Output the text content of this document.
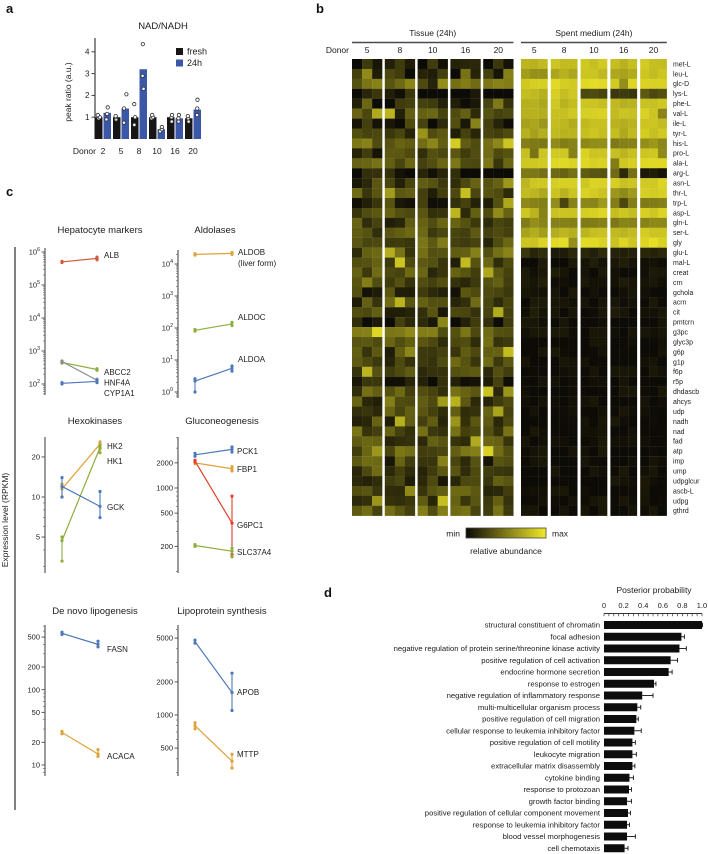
a	b
c
d
NAD/NADH
1
2
3
4
peak ratio (a.u.)
fresh
24h
2 5 8 10 16 20
Donor
Tissue (24h)	Spent medium (24h)
Donor 5	5
8	8
10	10
16	16
20	20
met-L
leu-L
glc-D
lys-L
phe-L
val-L
ile-L
tyr-L
his-L
pro-L
ala-L
arg-L
asn-L
thr-L
trp-L
asp-L
gln-L
ser-L
gly
glu-L
mal-L
creat
crn
gchola
acrn
cit
pmtcrn
g3pc
glyc3p
g6p
g1p
f6p
r5p
dhdascb
ahcys
udp
nadh
nad
fad
atp
imp
ump
udpglcur
ascb-L
udpg
gthrd
min	max
relative abundance
Expression level (RPKM)
Hepatocyte markers
$10^6$
$10^5$
$10^4$
$10^3$
$10^2$
ALB
ABCC2
HNF4A
CYP1A1
Aldolases
$10^4$
$10^3$
$10^2$
$10^1$
$10^0$
ALDOB
(liver form)
ALDOC
ALDOA
Hexokinases
20
10
5
HK2
HK1
GCK
Gluconeogenesis
2000
1000
500
200
PCK1
FBP1
G6PC1
SLC37A4
De novo lipogenesis
500
200
100
50
20
10
FASN
ACACA
Lipoprotein synthesis
5000
2000
1000
500
APOB
MTTP
Posterior probability
0 0.2 0.4 0.6 0.8 1.0
structural constituent of chromatin
focal adhesion
negative regulation of protein serine/threonine kinase activity
positive regulation of cell activation
endocrine hormone secretion
response to estrogen
negative regulation of inflammatory response
multi-multicellular organism process
positive regulation of cell migration
cellular response to leukemia inhibitory factor
positive regulation of cell motility
leukocyte migration
extracellular matrix disassembly
cytokine binding
response to protozoan
growth factor binding
positive regulation of cellular component movement
response to leukemia inhibitory factor
blood vessel morphogenesis
cell chemotaxis
